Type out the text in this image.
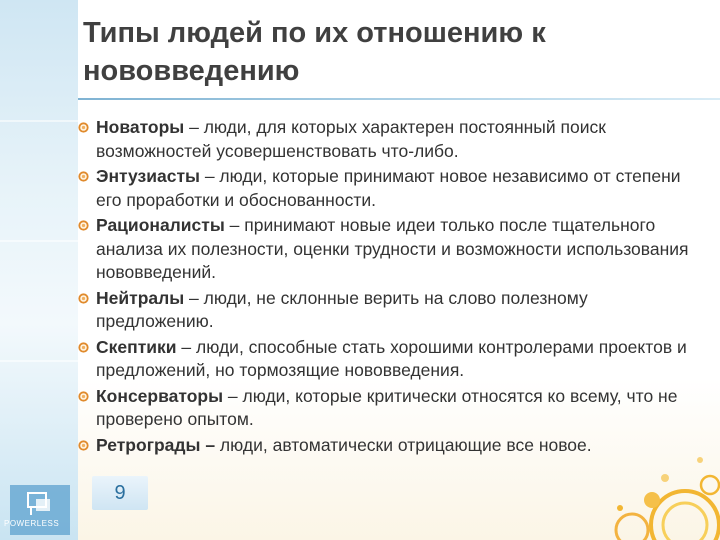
Типы людей по их отношению к нововведению
Новаторы – люди, для которых характерен постоянный поиск возможностей усовершенствовать что-либо.
Энтузиасты – люди, которые принимают новое независимо от степени его проработки и обоснованности.
Рационалисты – принимают новые идеи только после тщательного анализа их полезности, оценки трудности и возможности использования нововведений.
Нейтралы – люди, не склонные верить на слово полезному предложению.
Скептики – люди, способные стать хорошими контролерами проектов и предложений, но тормозящие нововведения.
Консерваторы – люди, которые критически относятся ко всему, что не проверено опытом.
Ретрограды – люди, автоматически отрицающие все новое.
9
POWERLESS
